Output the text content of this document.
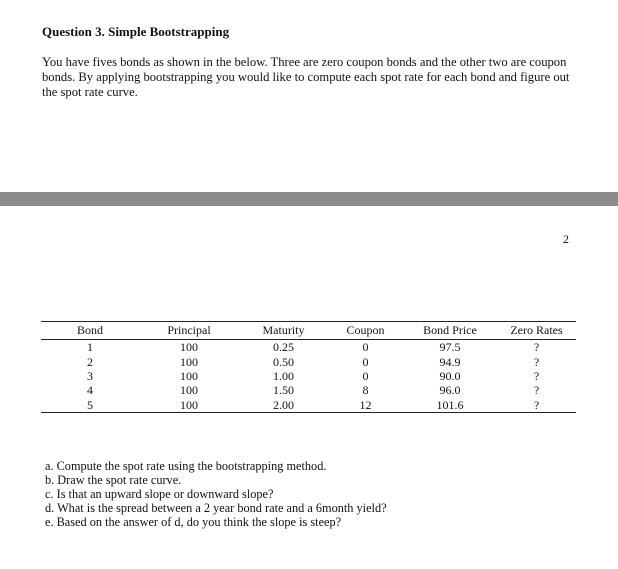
Question 3. Simple Bootstrapping

You have fives bonds as shown in the below. Three are zero coupon bonds and the other two are coupon bonds. By applying bootstrapping you would like to compute each spot rate for each bond and figure out the spot rate curve.

2
Bond	Principal	Maturity	Coupon	Bond Price	Zero Rates
1	100	0.25	0	97.5	?
2	100	0.50	0	94.9	?
3	100	1.00	0	90.0	?
4	100	1.50	8	96.0	?
5	100	2.00	12	101.6	?
a. Compute the spot rate using the bootstrapping method.
b. Draw the spot rate curve.
c. Is that an upward slope or downward slope?
d. What is the spread between a 2 year bond rate and a 6month yield?
e. Based on the answer of d, do you think the slope is steep?
